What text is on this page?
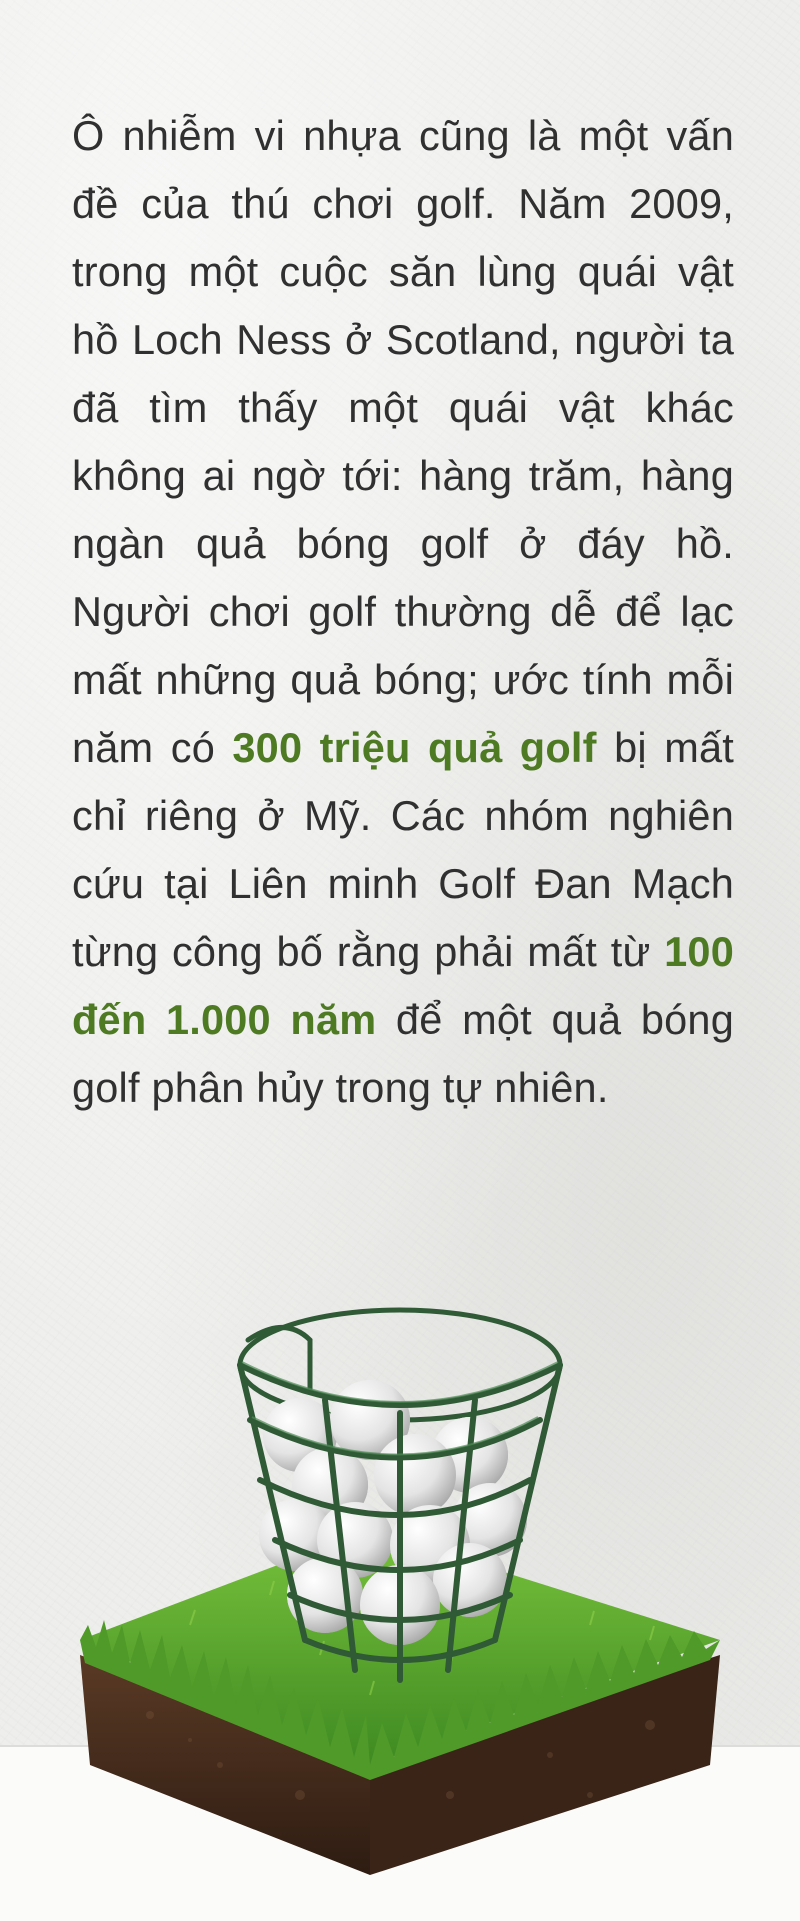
Ô nhiễm vi nhựa cũng là một vấn đề của thú chơi golf. Năm 2009, trong một cuộc săn lùng quái vật hồ Loch Ness ở Scotland, người ta đã tìm thấy một quái vật khác không ai ngờ tới: hàng trăm, hàng ngàn quả bóng golf ở đáy hồ. Người chơi golf thường dễ để lạc mất những quả bóng; ước tính mỗi năm có 300 triệu quả golf bị mất chỉ riêng ở Mỹ. Các nhóm nghiên cứu tại Liên minh Golf Đan Mạch từng công bố rằng phải mất từ 100 đến 1.000 năm để một quả bóng golf phân hủy trong tự nhiên.
